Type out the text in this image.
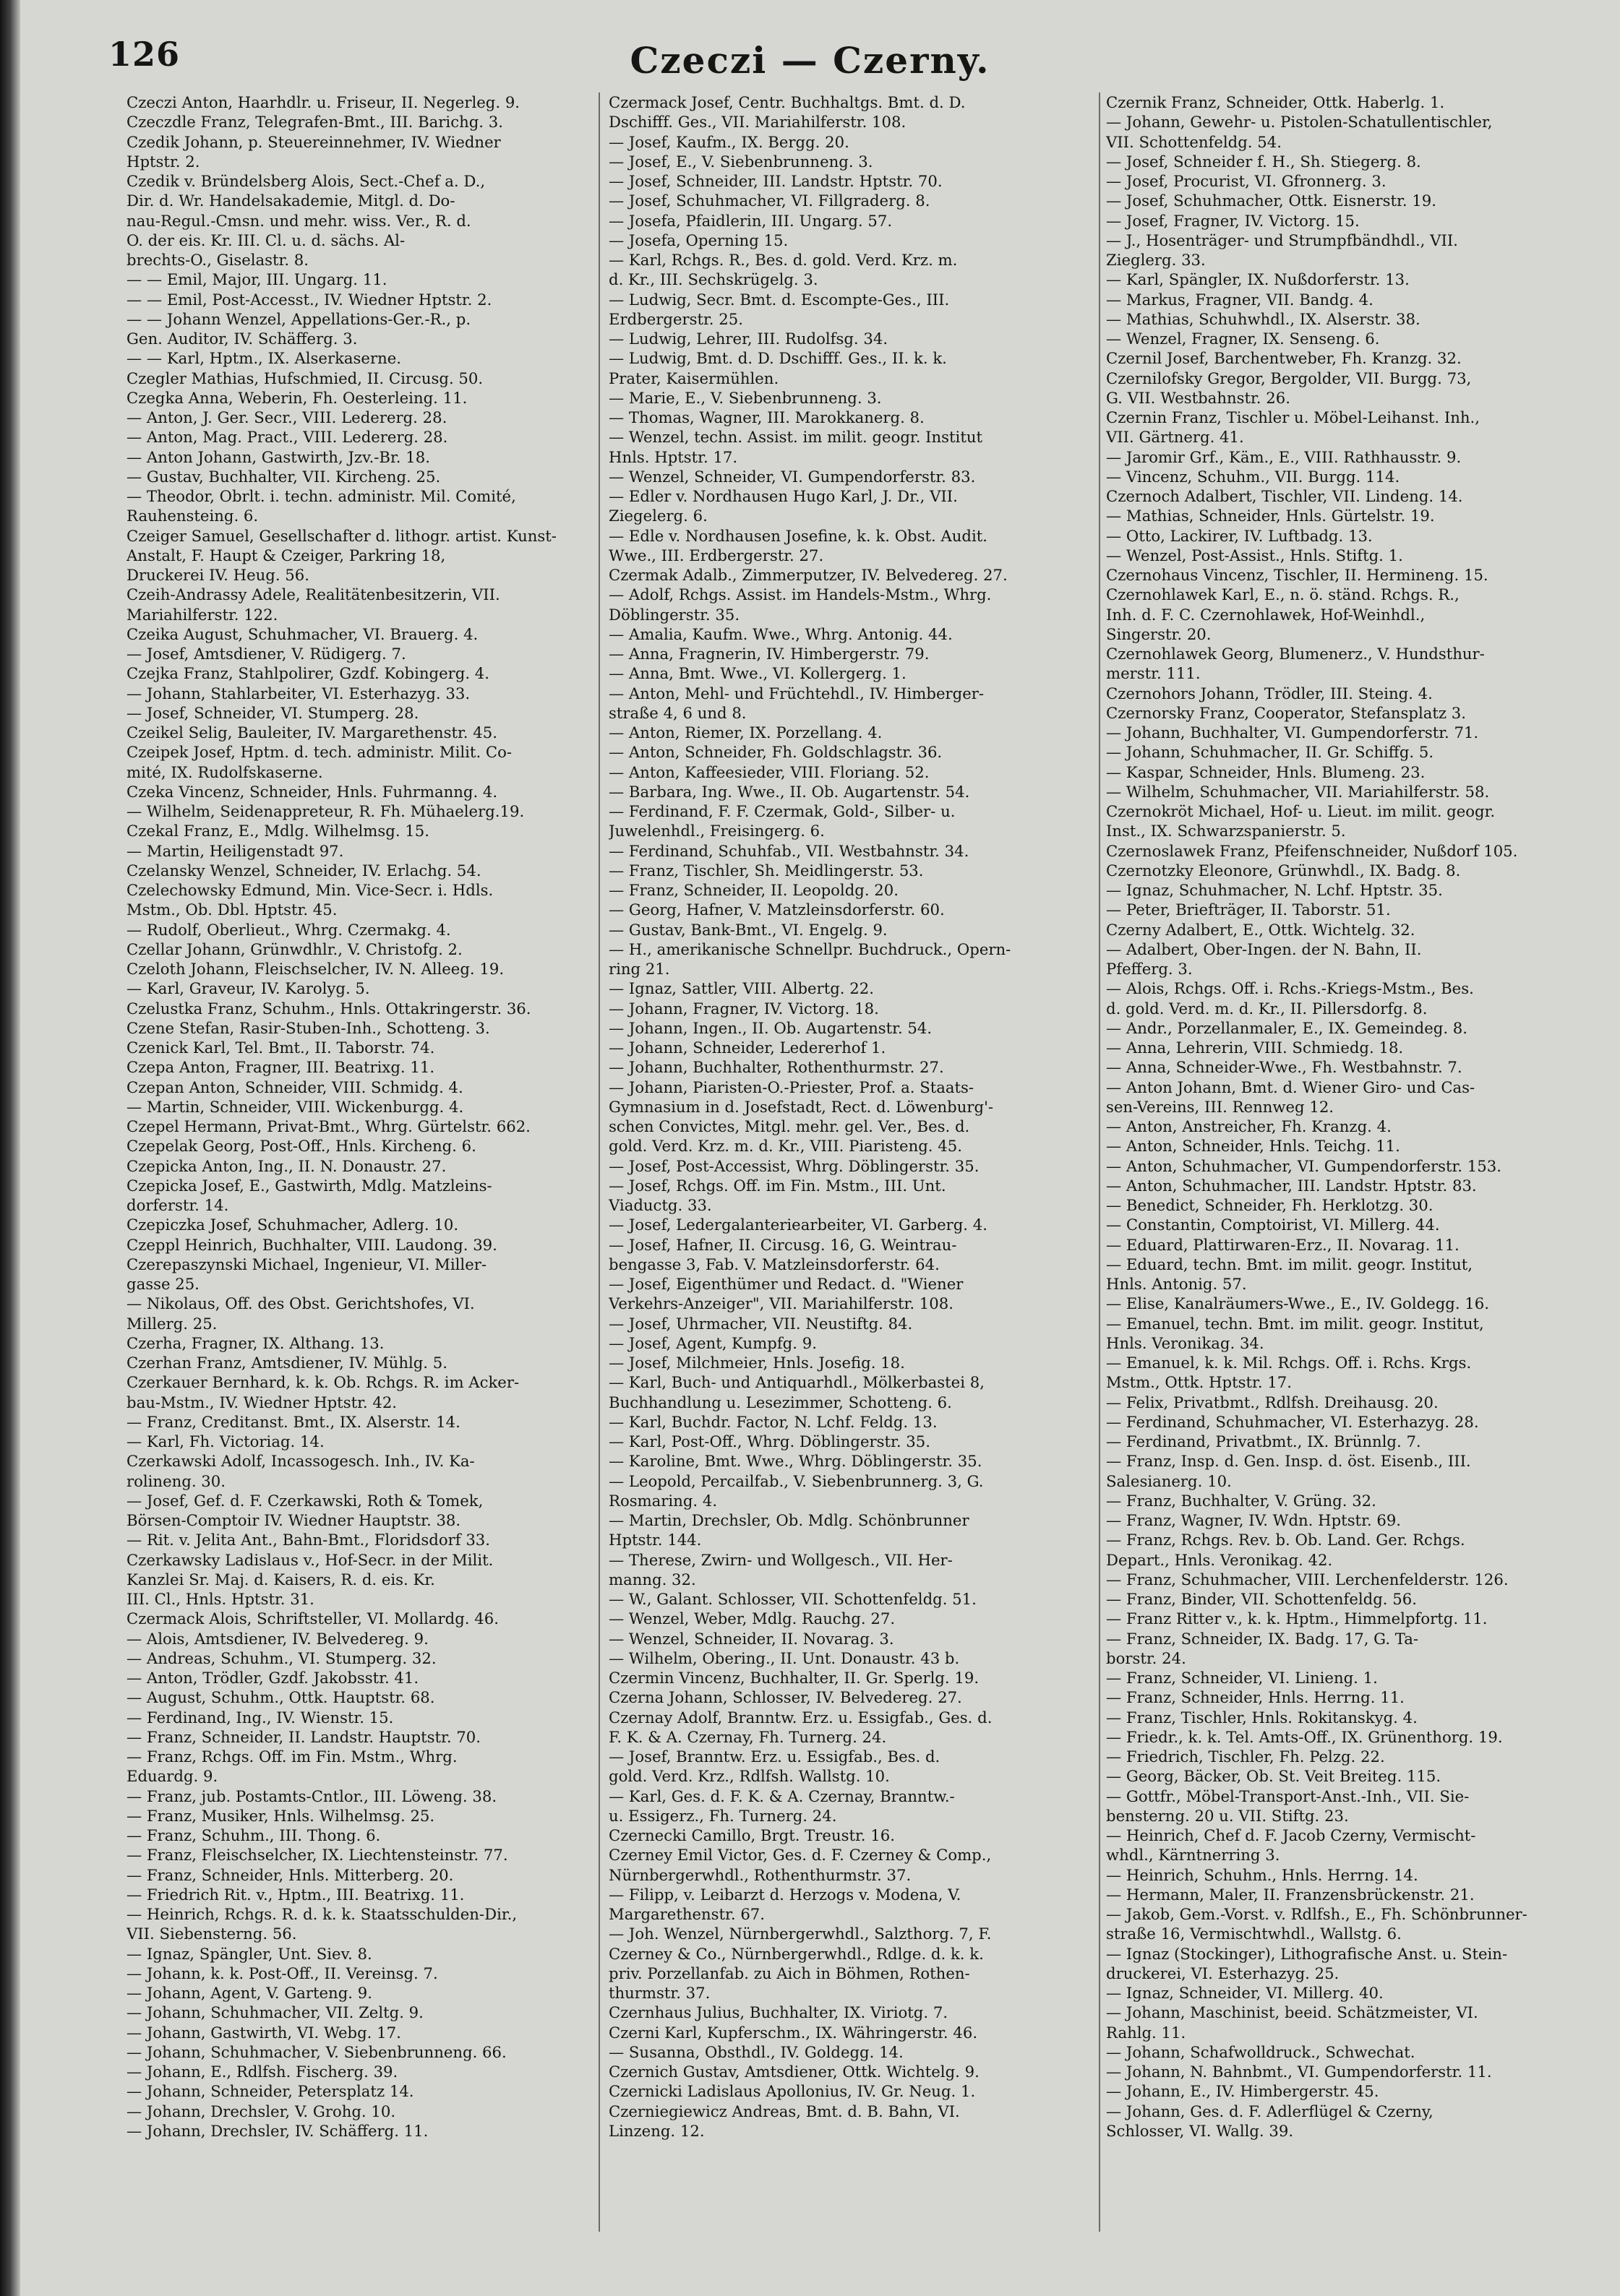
126	Czeczi — Czerny.
Czeczi Anton, Haarhdlr. u. Friseur, II. Negerleg. 9.
Czeczdle Franz, Telegrafen-Bmt., III. Barichg. 3.
Czedik Johann, p. Steuereinnehmer, IV. Wiedner
Hptstr. 2.
Czedik v. Bründelsberg Alois, Sect.-Chef a. D.,
Dir. d. Wr. Handelsakademie, Mitgl. d. Do-
nau-Regul.-Cmsn. und mehr. wiss. Ver., R. d.
O. der eis. Kr. III. Cl. u. d. sächs. Al-
brechts-O., Giselastr. 8.
— — Emil, Major, III. Ungarg. 11.
— — Emil, Post-Accesst., IV. Wiedner Hptstr. 2.
— — Johann Wenzel, Appellations-Ger.-R., p.
Gen. Auditor, IV. Schäfferg. 3.
— — Karl, Hptm., IX. Alserkaserne.
Czegler Mathias, Hufschmied, II. Circusg. 50.
Czegka Anna, Weberin, Fh. Oesterleing. 11.
— Anton, J. Ger. Secr., VIII. Ledererg. 28.
— Anton, Mag. Pract., VIII. Ledererg. 28.
— Anton Johann, Gastwirth, Jzv.-Br. 18.
— Gustav, Buchhalter, VII. Kircheng. 25.
— Theodor, Obrlt. i. techn. administr. Mil. Comité,
Rauhensteing. 6.
Czeiger Samuel, Gesellschafter d. lithogr. artist. Kunst-
Anstalt, F. Haupt & Czeiger, Parkring 18,
Druckerei IV. Heug. 56.
Czeih-Andrassy Adele, Realitätenbesitzerin, VII.
Mariahilferstr. 122.
Czeika August, Schuhmacher, VI. Brauerg. 4.
— Josef, Amtsdiener, V. Rüdigerg. 7.
Czejka Franz, Stahlpolirer, Gzdf. Kobingerg. 4.
— Johann, Stahlarbeiter, VI. Esterhazyg. 33.
— Josef, Schneider, VI. Stumperg. 28.
Czeikel Selig, Bauleiter, IV. Margarethenstr. 45.
Czeipek Josef, Hptm. d. tech. administr. Milit. Co-
mité, IX. Rudolfskaserne.
Czeka Vincenz, Schneider, Hnls. Fuhrmanng. 4.
— Wilhelm, Seidenappreteur, R. Fh. Mühaelerg.19.
Czekal Franz, E., Mdlg. Wilhelmsg. 15.
— Martin, Heiligenstadt 97.
Czelansky Wenzel, Schneider, IV. Erlachg. 54.
Czelechowsky Edmund, Min. Vice-Secr. i. Hdls.
Mstm., Ob. Dbl. Hptstr. 45.
— Rudolf, Oberlieut., Whrg. Czermakg. 4.
Czellar Johann, Grünwdhlr., V. Christofg. 2.
Czeloth Johann, Fleischselcher, IV. N. Alleeg. 19.
— Karl, Graveur, IV. Karolyg. 5.
Czelustka Franz, Schuhm., Hnls. Ottakringerstr. 36.
Czene Stefan, Rasir-Stuben-Inh., Schotteng. 3.
Czenick Karl, Tel. Bmt., II. Taborstr. 74.
Czepa Anton, Fragner, III. Beatrixg. 11.
Czepan Anton, Schneider, VIII. Schmidg. 4.
— Martin, Schneider, VIII. Wickenburgg. 4.
Czepel Hermann, Privat-Bmt., Whrg. Gürtelstr. 662.
Czepelak Georg, Post-Off., Hnls. Kircheng. 6.
Czepicka Anton, Ing., II. N. Donaustr. 27.
Czepicka Josef, E., Gastwirth, Mdlg. Matzleins-
dorferstr. 14.
Czepiczka Josef, Schuhmacher, Adlerg. 10.
Czeppl Heinrich, Buchhalter, VIII. Laudong. 39.
Czerepaszynski Michael, Ingenieur, VI. Miller-
gasse 25.
— Nikolaus, Off. des Obst. Gerichtshofes, VI.
Millerg. 25.
Czerha, Fragner, IX. Althang. 13.
Czerhan Franz, Amtsdiener, IV. Mühlg. 5.
Czerkauer Bernhard, k. k. Ob. Rchgs. R. im Acker-
bau-Mstm., IV. Wiedner Hptstr. 42.
— Franz, Creditanst. Bmt., IX. Alserstr. 14.
— Karl, Fh. Victoriag. 14.
Czerkawski Adolf, Incassogesch. Inh., IV. Ka-
rolineng. 30.
— Josef, Gef. d. F. Czerkawski, Roth & Tomek,
Börsen-Comptoir IV. Wiedner Hauptstr. 38.
— Rit. v. Jelita Ant., Bahn-Bmt., Floridsdorf 33.
Czerkawsky Ladislaus v., Hof-Secr. in der Milit.
Kanzlei Sr. Maj. d. Kaisers, R. d. eis. Kr.
III. Cl., Hnls. Hptstr. 31.
Czermack Alois, Schriftsteller, VI. Mollardg. 46.
— Alois, Amtsdiener, IV. Belvedereg. 9.
— Andreas, Schuhm., VI. Stumperg. 32.
— Anton, Trödler, Gzdf. Jakobsstr. 41.
— August, Schuhm., Ottk. Hauptstr. 68.
— Ferdinand, Ing., IV. Wienstr. 15.
— Franz, Schneider, II. Landstr. Hauptstr. 70.
— Franz, Rchgs. Off. im Fin. Mstm., Whrg.
Eduardg. 9.
— Franz, jub. Postamts-Cntlor., III. Löweng. 38.
— Franz, Musiker, Hnls. Wilhelmsg. 25.
— Franz, Schuhm., III. Thong. 6.
— Franz, Fleischselcher, IX. Liechtensteinstr. 77.
— Franz, Schneider, Hnls. Mitterberg. 20.
— Friedrich Rit. v., Hptm., III. Beatrixg. 11.
— Heinrich, Rchgs. R. d. k. k. Staatsschulden-Dir.,
VII. Siebensterng. 56.
— Ignaz, Spängler, Unt. Siev. 8.
— Johann, k. k. Post-Off., II. Vereinsg. 7.
— Johann, Agent, V. Garteng. 9.
— Johann, Schuhmacher, VII. Zeltg. 9.
— Johann, Gastwirth, VI. Webg. 17.
— Johann, Schuhmacher, V. Siebenbrunneng. 66.
— Johann, E., Rdlfsh. Fischerg. 39.
— Johann, Schneider, Petersplatz 14.
— Johann, Drechsler, V. Grohg. 10.
— Johann, Drechsler, IV. Schäfferg. 11.
Czermack Josef, Centr. Buchhaltgs. Bmt. d. D.
Dschifff. Ges., VII. Mariahilferstr. 108.
— Josef, Kaufm., IX. Bergg. 20.
— Josef, E., V. Siebenbrunneng. 3.
— Josef, Schneider, III. Landstr. Hptstr. 70.
— Josef, Schuhmacher, VI. Fillgraderg. 8.
— Josefa, Pfaidlerin, III. Ungarg. 57.
— Josefa, Operning 15.
— Karl, Rchgs. R., Bes. d. gold. Verd. Krz. m.
d. Kr., III. Sechskrügelg. 3.
— Ludwig, Secr. Bmt. d. Escompte-Ges., III.
Erdbergerstr. 25.
— Ludwig, Lehrer, III. Rudolfsg. 34.
— Ludwig, Bmt. d. D. Dschifff. Ges., II. k. k.
Prater, Kaisermühlen.
— Marie, E., V. Siebenbrunneng. 3.
— Thomas, Wagner, III. Marokkanerg. 8.
— Wenzel, techn. Assist. im milit. geogr. Institut
Hnls. Hptstr. 17.
— Wenzel, Schneider, VI. Gumpendorferstr. 83.
— Edler v. Nordhausen Hugo Karl, J. Dr., VII.
Ziegelerg. 6.
— Edle v. Nordhausen Josefine, k. k. Obst. Audit.
Wwe., III. Erdbergerstr. 27.
Czermak Adalb., Zimmerputzer, IV. Belvedereg. 27.
— Adolf, Rchgs. Assist. im Handels-Mstm., Whrg.
Döblingerstr. 35.
— Amalia, Kaufm. Wwe., Whrg. Antonig. 44.
— Anna, Fragnerin, IV. Himbergerstr. 79.
— Anna, Bmt. Wwe., VI. Kollergerg. 1.
— Anton, Mehl- und Früchtehdl., IV. Himberger-
straße 4, 6 und 8.
— Anton, Riemer, IX. Porzellang. 4.
— Anton, Schneider, Fh. Goldschlagstr. 36.
— Anton, Kaffeesieder, VIII. Floriang. 52.
— Barbara, Ing. Wwe., II. Ob. Augartenstr. 54.
— Ferdinand, F. F. Czermak, Gold-, Silber- u.
Juwelenhdl., Freisingerg. 6.
— Ferdinand, Schuhfab., VII. Westbahnstr. 34.
— Franz, Tischler, Sh. Meidlingerstr. 53.
— Franz, Schneider, II. Leopoldg. 20.
— Georg, Hafner, V. Matzleinsdorferstr. 60.
— Gustav, Bank-Bmt., VI. Engelg. 9.
— H., amerikanische Schnellpr. Buchdruck., Opern-
ring 21.
— Ignaz, Sattler, VIII. Albertg. 22.
— Johann, Fragner, IV. Victorg. 18.
— Johann, Ingen., II. Ob. Augartenstr. 54.
— Johann, Schneider, Ledererhof 1.
— Johann, Buchhalter, Rothenthurmstr. 27.
— Johann, Piaristen-O.-Priester, Prof. a. Staats-
Gymnasium in d. Josefstadt, Rect. d. Löwenburg'-
schen Convictes, Mitgl. mehr. gel. Ver., Bes. d.
gold. Verd. Krz. m. d. Kr., VIII. Piaristeng. 45.
— Josef, Post-Accessist, Whrg. Döblingerstr. 35.
— Josef, Rchgs. Off. im Fin. Mstm., III. Unt.
Viaductg. 33.
— Josef, Ledergalanteriearbeiter, VI. Garberg. 4.
— Josef, Hafner, II. Circusg. 16, G. Weintrau-
bengasse 3, Fab. V. Matzleinsdorferstr. 64.
— Josef, Eigenthümer und Redact. d. "Wiener
Verkehrs-Anzeiger", VII. Mariahilferstr. 108.
— Josef, Uhrmacher, VII. Neustiftg. 84.
— Josef, Agent, Kumpfg. 9.
— Josef, Milchmeier, Hnls. Josefig. 18.
— Karl, Buch- und Antiquarhdl., Mölkerbastei 8,
Buchhandlung u. Lesezimmer, Schotteng. 6.
— Karl, Buchdr. Factor, N. Lchf. Feldg. 13.
— Karl, Post-Off., Whrg. Döblingerstr. 35.
— Karoline, Bmt. Wwe., Whrg. Döblingerstr. 35.
— Leopold, Percailfab., V. Siebenbrunnerg. 3, G.
Rosmaring. 4.
— Martin, Drechsler, Ob. Mdlg. Schönbrunner
Hptstr. 144.
— Therese, Zwirn- und Wollgesch., VII. Her-
manng. 32.
— W., Galant. Schlosser, VII. Schottenfeldg. 51.
— Wenzel, Weber, Mdlg. Rauchg. 27.
— Wenzel, Schneider, II. Novarag. 3.
— Wilhelm, Obering., II. Unt. Donaustr. 43 b.
Czermin Vincenz, Buchhalter, II. Gr. Sperlg. 19.
Czerna Johann, Schlosser, IV. Belvedereg. 27.
Czernay Adolf, Branntw. Erz. u. Essigfab., Ges. d.
F. K. & A. Czernay, Fh. Turnerg. 24.
— Josef, Branntw. Erz. u. Essigfab., Bes. d.
gold. Verd. Krz., Rdlfsh. Wallstg. 10.
— Karl, Ges. d. F. K. & A. Czernay, Branntw.-
u. Essigerz., Fh. Turnerg. 24.
Czernecki Camillo, Brgt. Treustr. 16.
Czerney Emil Victor, Ges. d. F. Czerney & Comp.,
Nürnbergerwhdl., Rothenthurmstr. 37.
— Filipp, v. Leibarzt d. Herzogs v. Modena, V.
Margarethenstr. 67.
— Joh. Wenzel, Nürnbergerwhdl., Salzthorg. 7, F.
Czerney & Co., Nürnbergerwhdl., Rdlge. d. k. k.
priv. Porzellanfab. zu Aich in Böhmen, Rothen-
thurmstr. 37.
Czernhaus Julius, Buchhalter, IX. Viriotg. 7.
Czerni Karl, Kupferschm., IX. Währingerstr. 46.
— Susanna, Obsthdl., IV. Goldegg. 14.
Czernich Gustav, Amtsdiener, Ottk. Wichtelg. 9.
Czernicki Ladislaus Apollonius, IV. Gr. Neug. 1.
Czerniegiewicz Andreas, Bmt. d. B. Bahn, VI.
Linzeng. 12.
Czernik Franz, Schneider, Ottk. Haberlg. 1.
— Johann, Gewehr- u. Pistolen-Schatullentischler,
VII. Schottenfeldg. 54.
— Josef, Schneider f. H., Sh. Stiegerg. 8.
— Josef, Procurist, VI. Gfronnerg. 3.
— Josef, Schuhmacher, Ottk. Eisnerstr. 19.
— Josef, Fragner, IV. Victorg. 15.
— J., Hosenträger- und Strumpfbändhdl., VII.
Zieglerg. 33.
— Karl, Spängler, IX. Nußdorferstr. 13.
— Markus, Fragner, VII. Bandg. 4.
— Mathias, Schuhwhdl., IX. Alserstr. 38.
— Wenzel, Fragner, IX. Senseng. 6.
Czernil Josef, Barchentweber, Fh. Kranzg. 32.
Czernilofsky Gregor, Bergolder, VII. Burgg. 73,
G. VII. Westbahnstr. 26.
Czernin Franz, Tischler u. Möbel-Leihanst. Inh.,
VII. Gärtnerg. 41.
— Jaromir Grf., Käm., E., VIII. Rathhausstr. 9.
— Vincenz, Schuhm., VII. Burgg. 114.
Czernoch Adalbert, Tischler, VII. Lindeng. 14.
— Mathias, Schneider, Hnls. Gürtelstr. 19.
— Otto, Lackirer, IV. Luftbadg. 13.
— Wenzel, Post-Assist., Hnls. Stiftg. 1.
Czernohaus Vincenz, Tischler, II. Hermineng. 15.
Czernohlawek Karl, E., n. ö. ständ. Rchgs. R.,
Inh. d. F. C. Czernohlawek, Hof-Weinhdl.,
Singerstr. 20.
Czernohlawek Georg, Blumenerz., V. Hundsthur-
merstr. 111.
Czernohors Johann, Trödler, III. Steing. 4.
Czernorsky Franz, Cooperator, Stefansplatz 3.
— Johann, Buchhalter, VI. Gumpendorferstr. 71.
— Johann, Schuhmacher, II. Gr. Schiffg. 5.
— Kaspar, Schneider, Hnls. Blumeng. 23.
— Wilhelm, Schuhmacher, VII. Mariahilferstr. 58.
Czernokröt Michael, Hof- u. Lieut. im milit. geogr.
Inst., IX. Schwarzspanierstr. 5.
Czernoslawek Franz, Pfeifenschneider, Nußdorf 105.
Czernotzky Eleonore, Grünwhdl., IX. Badg. 8.
— Ignaz, Schuhmacher, N. Lchf. Hptstr. 35.
— Peter, Briefträger, II. Taborstr. 51.
Czerny Adalbert, E., Ottk. Wichtelg. 32.
— Adalbert, Ober-Ingen. der N. Bahn, II.
Pfefferg. 3.
— Alois, Rchgs. Off. i. Rchs.-Kriegs-Mstm., Bes.
d. gold. Verd. m. d. Kr., II. Pillersdorfg. 8.
— Andr., Porzellanmaler, E., IX. Gemeindeg. 8.
— Anna, Lehrerin, VIII. Schmiedg. 18.
— Anna, Schneider-Wwe., Fh. Westbahnstr. 7.
— Anton Johann, Bmt. d. Wiener Giro- und Cas-
sen-Vereins, III. Rennweg 12.
— Anton, Anstreicher, Fh. Kranzg. 4.
— Anton, Schneider, Hnls. Teichg. 11.
— Anton, Schuhmacher, VI. Gumpendorferstr. 153.
— Anton, Schuhmacher, III. Landstr. Hptstr. 83.
— Benedict, Schneider, Fh. Herklotzg. 30.
— Constantin, Comptoirist, VI. Millerg. 44.
— Eduard, Plattirwaren-Erz., II. Novarag. 11.
— Eduard, techn. Bmt. im milit. geogr. Institut,
Hnls. Antonig. 57.
— Elise, Kanalräumers-Wwe., E., IV. Goldegg. 16.
— Emanuel, techn. Bmt. im milit. geogr. Institut,
Hnls. Veronikag. 34.
— Emanuel, k. k. Mil. Rchgs. Off. i. Rchs. Krgs.
Mstm., Ottk. Hptstr. 17.
— Felix, Privatbmt., Rdlfsh. Dreihausg. 20.
— Ferdinand, Schuhmacher, VI. Esterhazyg. 28.
— Ferdinand, Privatbmt., IX. Brünnlg. 7.
— Franz, Insp. d. Gen. Insp. d. öst. Eisenb., III.
Salesianerg. 10.
— Franz, Buchhalter, V. Grüng. 32.
— Franz, Wagner, IV. Wdn. Hptstr. 69.
— Franz, Rchgs. Rev. b. Ob. Land. Ger. Rchgs.
Depart., Hnls. Veronikag. 42.
— Franz, Schuhmacher, VIII. Lerchenfelderstr. 126.
— Franz, Binder, VII. Schottenfeldg. 56.
— Franz Ritter v., k. k. Hptm., Himmelpfortg. 11.
— Franz, Schneider, IX. Badg. 17, G. Ta-
borstr. 24.
— Franz, Schneider, VI. Linieng. 1.
— Franz, Schneider, Hnls. Herrng. 11.
— Franz, Tischler, Hnls. Rokitanskyg. 4.
— Friedr., k. k. Tel. Amts-Off., IX. Grünenthorg. 19.
— Friedrich, Tischler, Fh. Pelzg. 22.
— Georg, Bäcker, Ob. St. Veit Breiteg. 115.
— Gottfr., Möbel-Transport-Anst.-Inh., VII. Sie-
bensterng. 20 u. VII. Stiftg. 23.
— Heinrich, Chef d. F. Jacob Czerny, Vermischt-
whdl., Kärntnerring 3.
— Heinrich, Schuhm., Hnls. Herrng. 14.
— Hermann, Maler, II. Franzensbrückenstr. 21.
— Jakob, Gem.-Vorst. v. Rdlfsh., E., Fh. Schönbrunner-
straße 16, Vermischtwhdl., Wallstg. 6.
— Ignaz (Stockinger), Lithografische Anst. u. Stein-
druckerei, VI. Esterhazyg. 25.
— Ignaz, Schneider, VI. Millerg. 40.
— Johann, Maschinist, beeid. Schätzmeister, VI.
Rahlg. 11.
— Johann, Schafwolldruck., Schwechat.
— Johann, N. Bahnbmt., VI. Gumpendorferstr. 11.
— Johann, E., IV. Himbergerstr. 45.
— Johann, Ges. d. F. Adlerflügel & Czerny,
Schlosser, VI. Wallg. 39.
